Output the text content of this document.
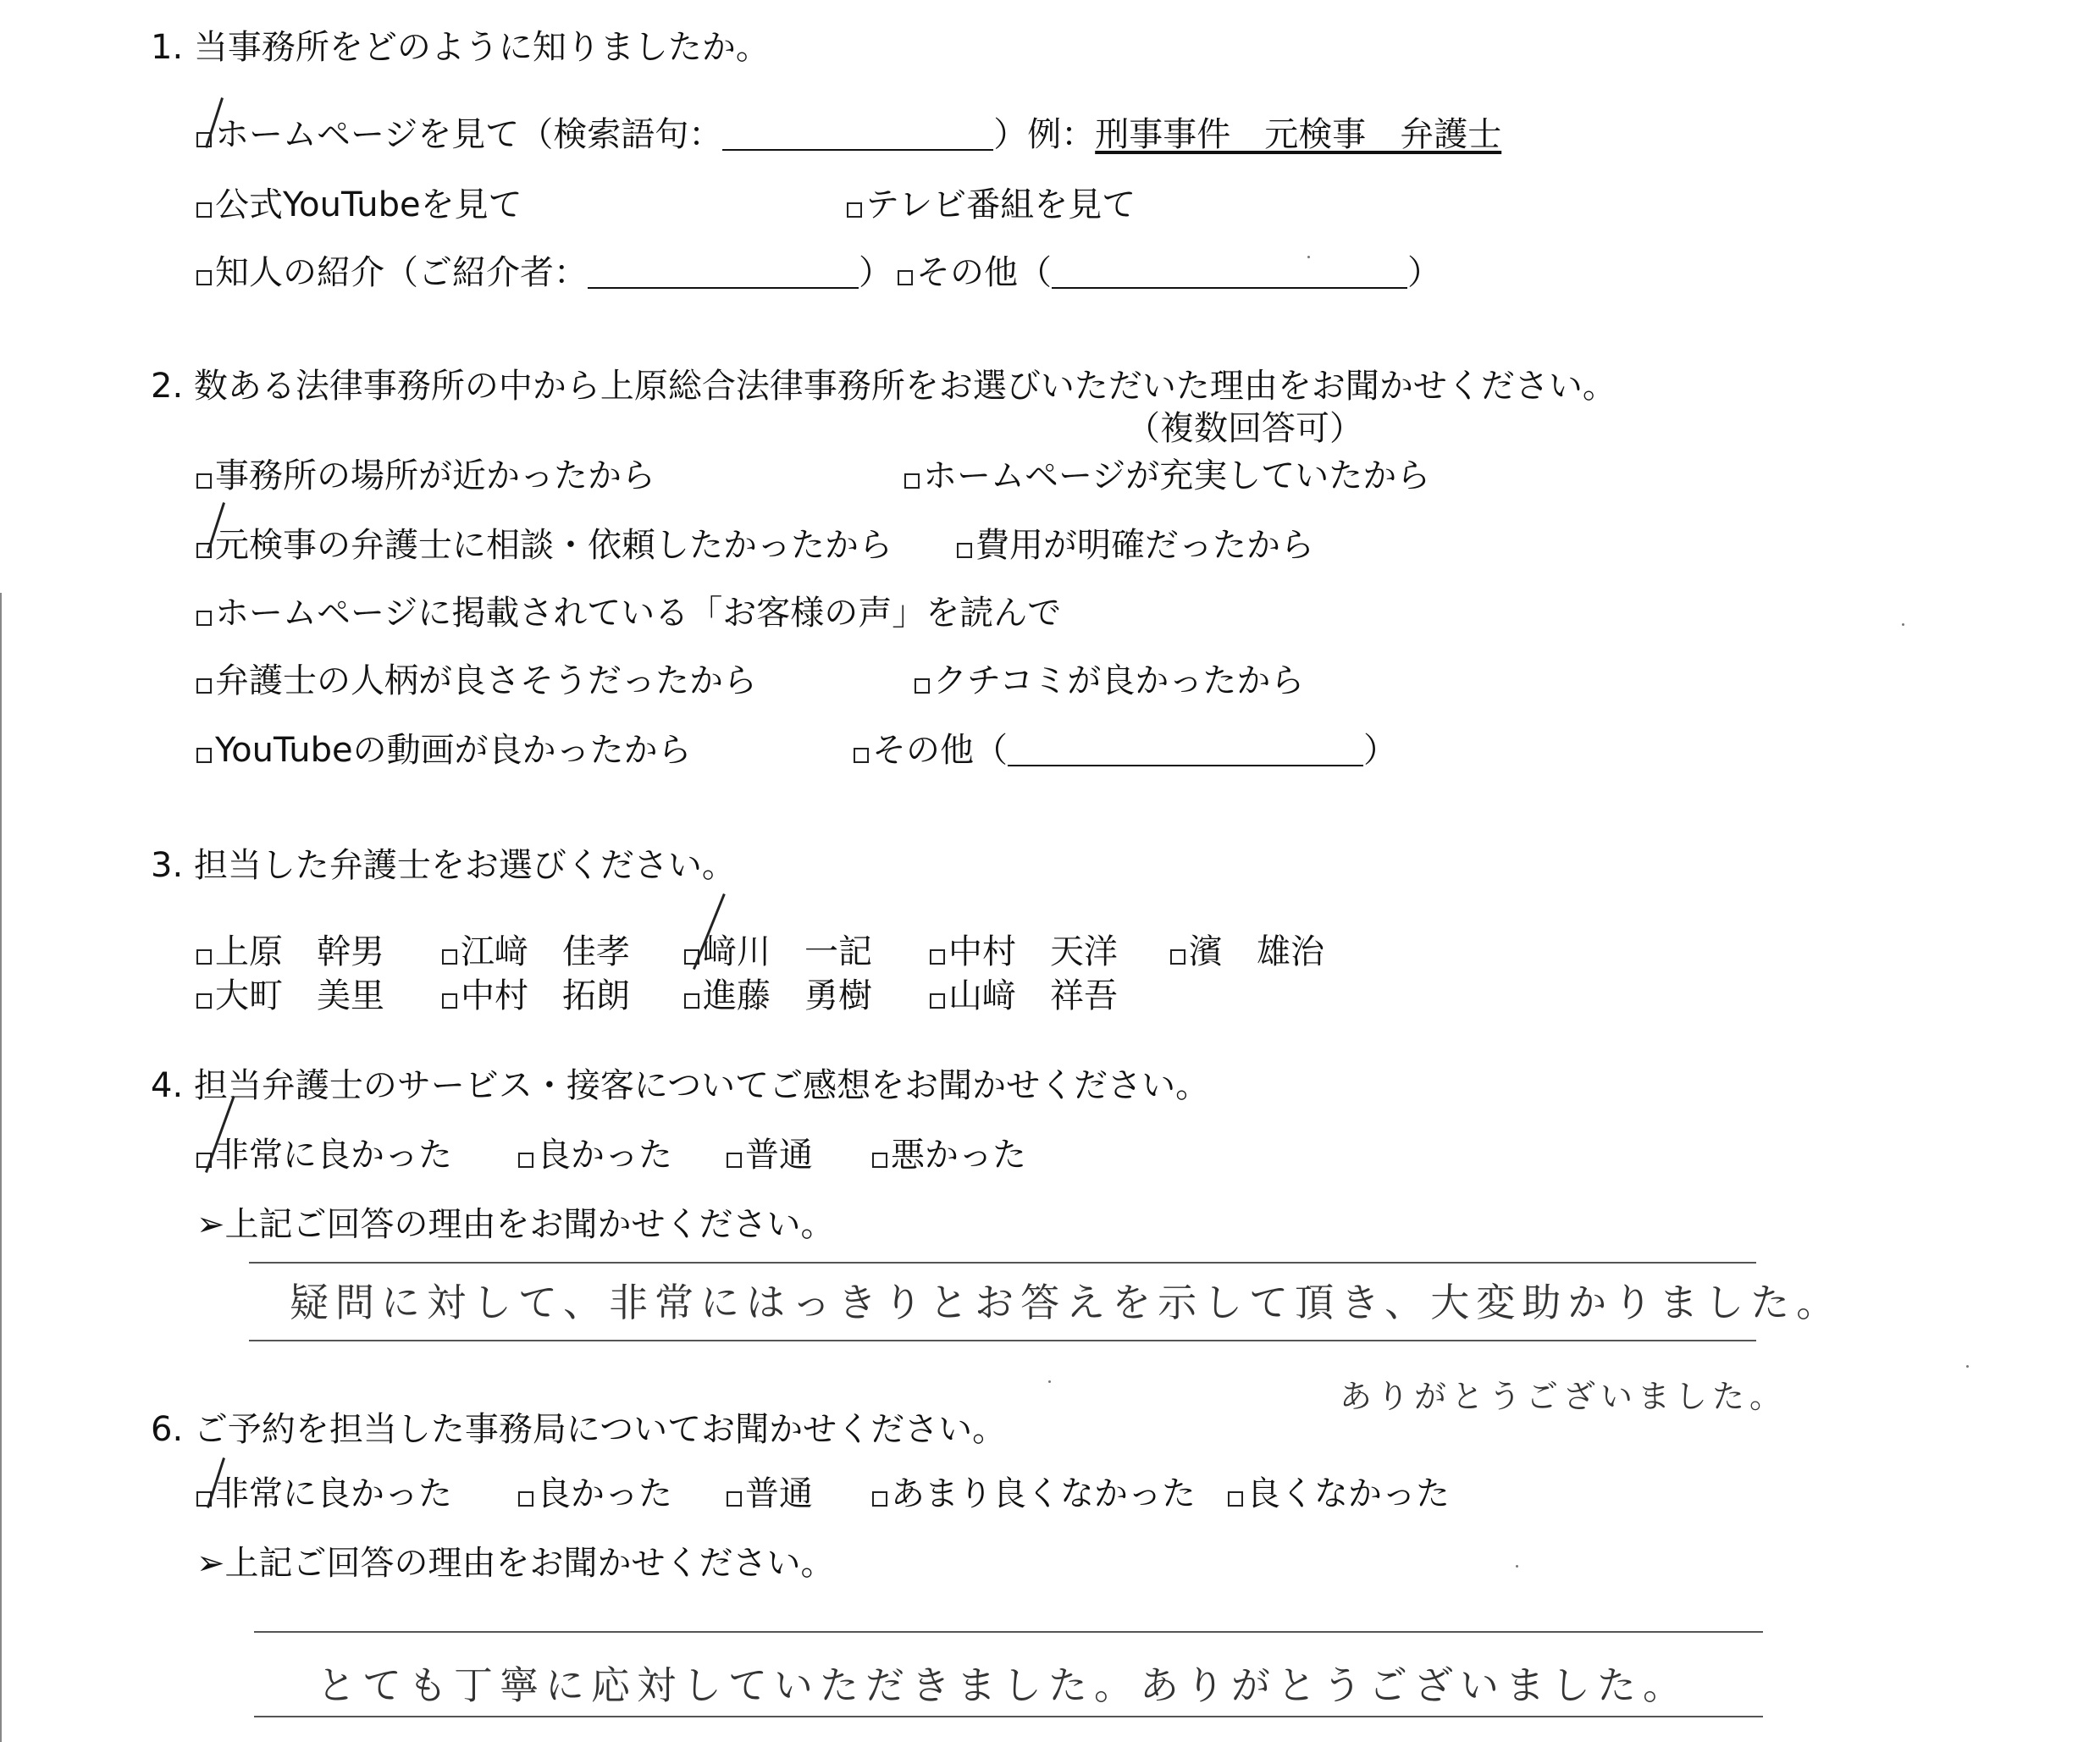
1. 当事務所をどのように知りましたか。
ホームページを見て（検索語句：	）例：刑事事件　元検事　弁護士
公式YouTubeを見て	テレビ番組を見て
知人の紹介（ご紹介者：	） その他（	）
2. 数ある法律事務所の中から上原総合法律事務所をお選びいただいた理由をお聞かせください。
（複数回答可）
事務所の場所が近かったから	ホームページが充実していたから
元検事の弁護士に相談・依頼したかったから	費用が明確だったから
ホームページに掲載されている「お客様の声」を読んで
弁護士の人柄が良さそうだったから	クチコミが良かったから
YouTubeの動画が良かったから	その他（	）
3. 担当した弁護士をお選びください。
上原　幹男	江﨑　佳孝	﨑川　一記	中村　天洋	濱　雄治
大町　美里	中村　拓朗	進藤　勇樹	山﨑　祥吾
4. 担当弁護士のサービス・接客についてご感想をお聞かせください。
非常に良かった	良かった	普通	悪かった
➢上記ご回答の理由をお聞かせください。
疑問に対して、非常にはっきりとお答えを示して頂き、大変助かりました。
ありがとうございました。
6. ご予約を担当した事務局についてお聞かせください。
非常に良かった	良かった	普通	あまり良くなかった	良くなかった
➢上記ご回答の理由をお聞かせください。
とても丁寧に応対していただきました。ありがとうございました。
